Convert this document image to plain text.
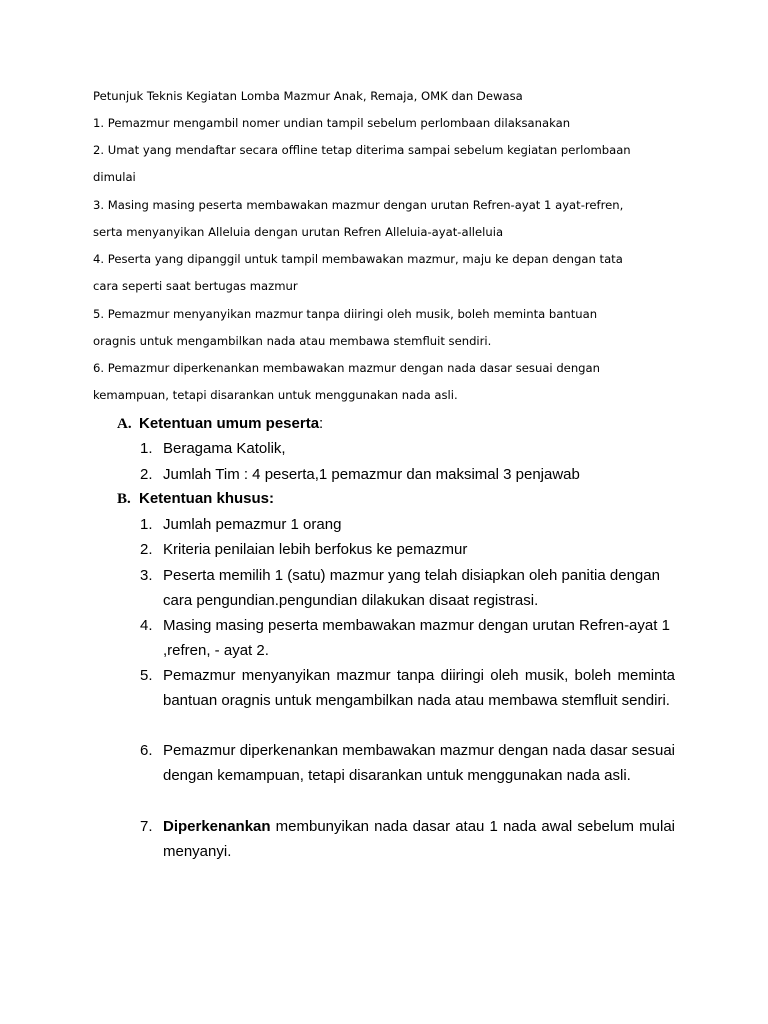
Petunjuk Teknis Kegiatan Lomba Mazmur Anak, Remaja, OMK dan Dewasa
1. Pemazmur mengambil nomer undian tampil sebelum perlombaan dilaksanakan
2. Umat yang mendaftar secara offline tetap diterima sampai sebelum kegiatan perlombaan
dimulai
3. Masing masing peserta membawakan mazmur dengan urutan Refren-ayat 1 ayat-refren,
serta menyanyikan Alleluia dengan urutan Refren Alleluia-ayat-alleluia
4. Peserta yang dipanggil untuk tampil membawakan mazmur, maju ke depan dengan tata
cara seperti saat bertugas mazmur
5. Pemazmur menyanyikan mazmur tanpa diiringi oleh musik, boleh meminta bantuan
oragnis untuk mengambilkan nada atau membawa stemfluit sendiri.
6. Pemazmur diperkenankan membawakan mazmur dengan nada dasar sesuai dengan
kemampuan, tetapi disarankan untuk menggunakan nada asli.
A. Ketentuan umum peserta:
1. Beragama Katolik,
2. Jumlah Tim : 4 peserta,1 pemazmur dan maksimal 3 penjawab
B. Ketentuan khusus:
1. Jumlah pemazmur 1 orang
2. Kriteria penilaian lebih berfokus ke pemazmur
3. Peserta memilih 1 (satu) mazmur yang telah disiapkan oleh panitia dengan cara pengundian.pengundian dilakukan disaat registrasi.
4. Masing masing peserta membawakan mazmur dengan urutan Refren-ayat 1 ,refren, - ayat 2.
5. Pemazmur menyanyikan mazmur tanpa diiringi oleh musik, boleh meminta bantuan oragnis untuk mengambilkan nada atau membawa stemfluit sendiri.
6. Pemazmur diperkenankan membawakan mazmur dengan nada dasar sesuai dengan kemampuan, tetapi disarankan untuk menggunakan nada asli.
7. Diperkenankan membunyikan nada dasar atau 1 nada awal sebelum mulai menyanyi.
